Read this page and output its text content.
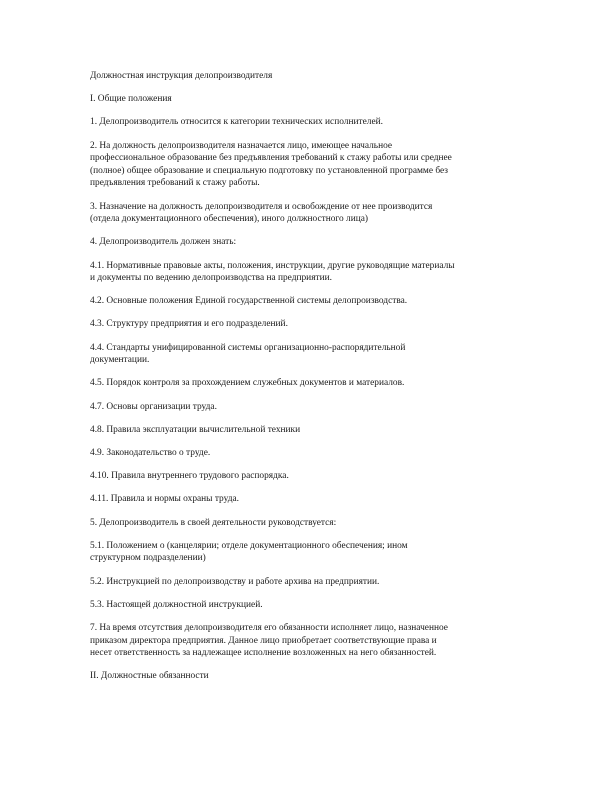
Должностная инструкция делопроизводителя

I. Общие положения

1. Делопроизводитель относится к категории технических исполнителей.

2. На должность делопроизводителя назначается лицо, имеющее начальное
профессиональное образование без предъявления требований к стажу работы или среднее
(полное) общее образование и специальную подготовку по установленной программе без
предъявления требований к стажу работы.

3. Назначение на должность делопроизводителя и освобождение от нее производится
(отдела документационного обеспечения), иного должностного лица)

4. Делопроизводитель должен знать:

4.1. Нормативные правовые акты, положения, инструкции, другие руководящие материалы
и документы по ведению делопроизводства на предприятии.

4.2. Основные положения Единой государственной системы делопроизводства.

4.3. Структуру предприятия и его подразделений.

4.4. Стандарты унифицированной системы организационно-распорядительной
документации.

4.5. Порядок контроля за прохождением служебных документов и материалов.

4.7. Основы организации труда.

4.8. Правила эксплуатации вычислительной техники

4.9. Законодательство о труде.

4.10. Правила внутреннего трудового распорядка.

4.11. Правила и нормы охраны труда.

5. Делопроизводитель в своей деятельности руководствуется:

5.1. Положением о (канцелярии; отделе документационного обеспечения; ином
структурном подразделении)

5.2. Инструкцией по делопроизводству и работе архива на предприятии.

5.3. Настоящей должностной инструкцией.

7. На время отсутствия делопроизводителя его обязанности исполняет лицо, назначенное
приказом директора предприятия. Данное лицо приобретает соответствующие права и
несет ответственность за надлежащее исполнение возложенных на него обязанностей.

II. Должностные обязанности
